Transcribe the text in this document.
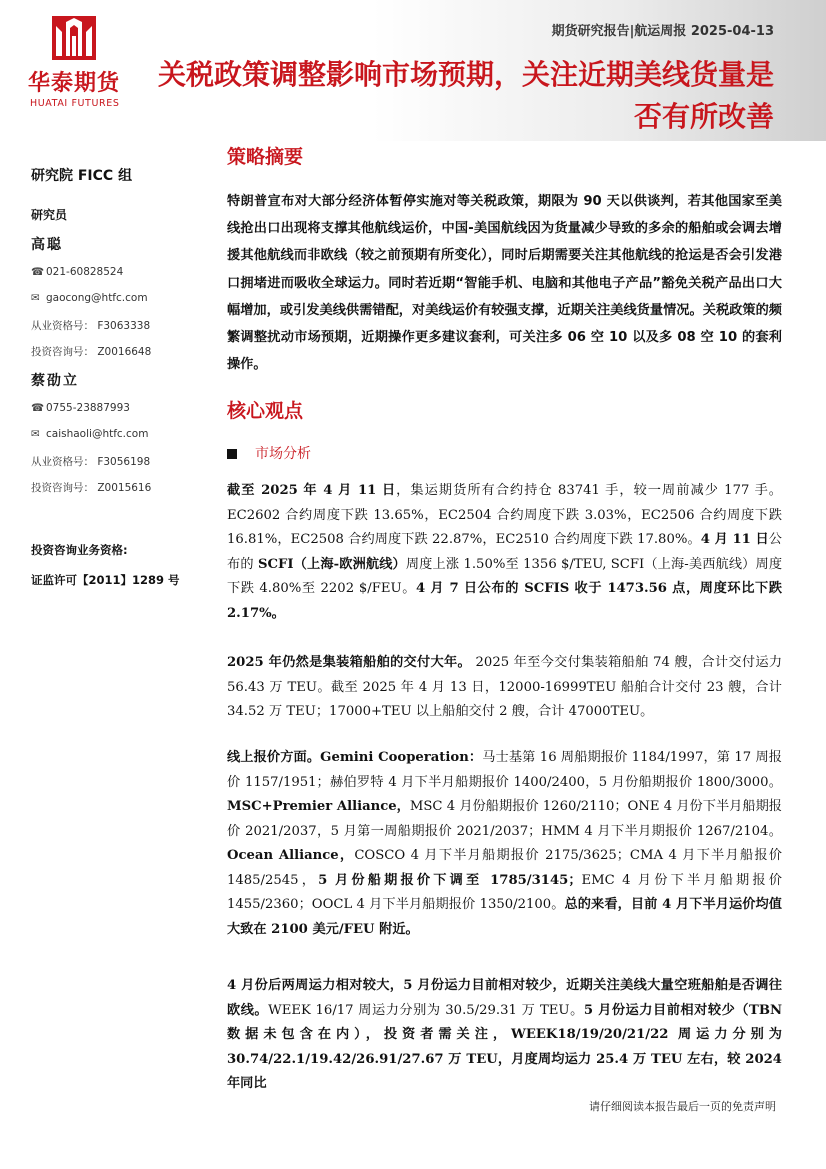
华泰期货
HUATAI FUTURES
期货研究报告|航运周报 2025-04-13
关税政策调整影响市场预期，关注近期美线货量是否有所改善
研究院 FICC 组
研究员
高聪
☎ 021-60828524
✉ gaocong@htfc.com
从业资格号： F3063338
投资咨询号： Z0016648
蔡劭立
☎ 0755-23887993
✉ caishaoli@htfc.com
从业资格号： F3056198
投资咨询号： Z0015616
投资咨询业务资格:
证监许可【2011】1289 号
策略摘要
特朗普宣布对大部分经济体暂停实施对等关税政策，期限为 90 天以供谈判，若其他国家至美线抢出口出现将支撑其他航线运价，中国-美国航线因为货量减少导致的多余的船舶或会调去增援其他航线而非欧线（较之前预期有所变化），同时后期需要关注其他航线的抢运是否会引发港口拥堵进而吸收全球运力。同时若近期“智能手机、电脑和其他电子产品”豁免关税产品出口大幅增加，或引发美线供需错配，对美线运价有较强支撑，近期关注美线货量情况。关税政策的频繁调整扰动市场预期，近期操作更多建议套利，可关注多 06 空 10 以及多 08 空 10 的套利操作。
核心观点
市场分析
截至 2025 年 4 月 11 日，集运期货所有合约持仓 83741 手，较一周前减少 177 手。EC2602 合约周度下跌 13.65%，EC2504 合约周度下跌 3.03%，EC2506 合约周度下跌 16.81%，EC2508 合约周度下跌 22.87%，EC2510 合约周度下跌 17.80%。4 月 11 日公布的 SCFI（上海-欧洲航线）周度上涨 1.50%至 1356 $/TEU, SCFI（上海-美西航线）周度下跌 4.80%至 2202 $/FEU。4 月 7 日公布的 SCFIS 收于 1473.56 点，周度环比下跌 2.17%。
2025 年仍然是集装箱船舶的交付大年。 2025 年至今交付集装箱船舶 74 艘，合计交付运力 56.43 万 TEU。截至 2025 年 4 月 13 日，12000-16999TEU 船舶合计交付 23 艘，合计 34.52 万 TEU；17000+TEU 以上船舶交付 2 艘，合计 47000TEU。
线上报价方面。Gemini Cooperation：马士基第 16 周船期报价 1184/1997，第 17 周报价 1157/1951；赫伯罗特 4 月下半月船期报价 1400/2400，5 月份船期报价 1800/3000。MSC+Premier Alliance，MSC 4 月份船期报价 1260/2110；ONE 4 月份下半月船期报价 2021/2037，5 月第一周船期报价 2021/2037；HMM 4 月下半月期报价 1267/2104。Ocean Alliance，COSCO 4 月下半月船期报价 2175/3625；CMA 4 月下半月船报价 1485/2545，5 月份船期报价下调至 1785/3145；EMC 4 月份下半月船期报价 1455/2360；OOCL 4 月下半月船期报价 1350/2100。总的来看，目前 4 月下半月运价均值大致在 2100 美元/FEU 附近。
4 月份后两周运力相对较大，5 月份运力目前相对较少，近期关注美线大量空班船舶是否调往欧线。WEEK 16/17 周运力分别为 30.5/29.31 万 TEU。5 月份运力目前相对较少（TBN 数据未包含在内），投资者需关注，WEEK18/19/20/21/22 周运力分别为 30.74/22.1/19.42/26.91/27.67 万 TEU，月度周均运力 25.4 万 TEU 左右，较 2024 年同比
请仔细阅读本报告最后一页的免责声明
